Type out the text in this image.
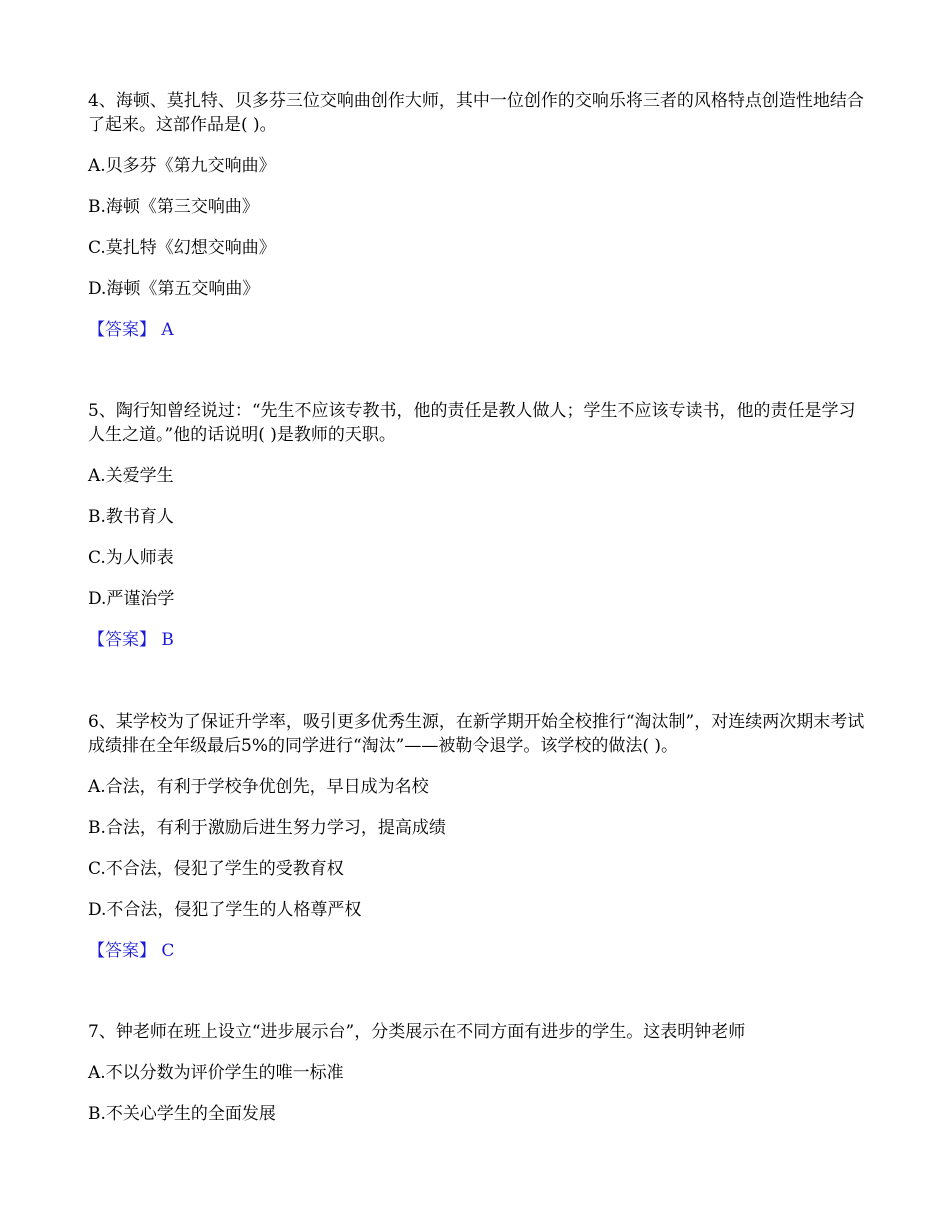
4、海顿、莫扎特、贝多芬三位交响曲创作大师，其中一位创作的交响乐将三者的风格特点创造性地结合了起来。这部作品是( )。

A.贝多芬《第九交响曲》

B.海顿《第三交响曲》

C.莫扎特《幻想交响曲》

D.海顿《第五交响曲》

【答案】 A

5、陶行知曾经说过：“先生不应该专教书，他的责任是教人做人；学生不应该专读书，他的责任是学习人生之道。”他的话说明( )是教师的天职。

A.关爱学生

B.教书育人

C.为人师表

D.严谨治学

【答案】 B

6、某学校为了保证升学率，吸引更多优秀生源，在新学期开始全校推行“淘汰制”，对连续两次期末考试成绩排在全年级最后5%的同学进行“淘汰”——被勒令退学。该学校的做法( )。

A.合法，有利于学校争优创先，早日成为名校

B.合法，有利于激励后进生努力学习，提高成绩

C.不合法，侵犯了学生的受教育权

D.不合法，侵犯了学生的人格尊严权

【答案】 C

7、钟老师在班上设立“进步展示台”，分类展示在不同方面有进步的学生。这表明钟老师

A.不以分数为评价学生的唯一标准

B.不关心学生的全面发展
